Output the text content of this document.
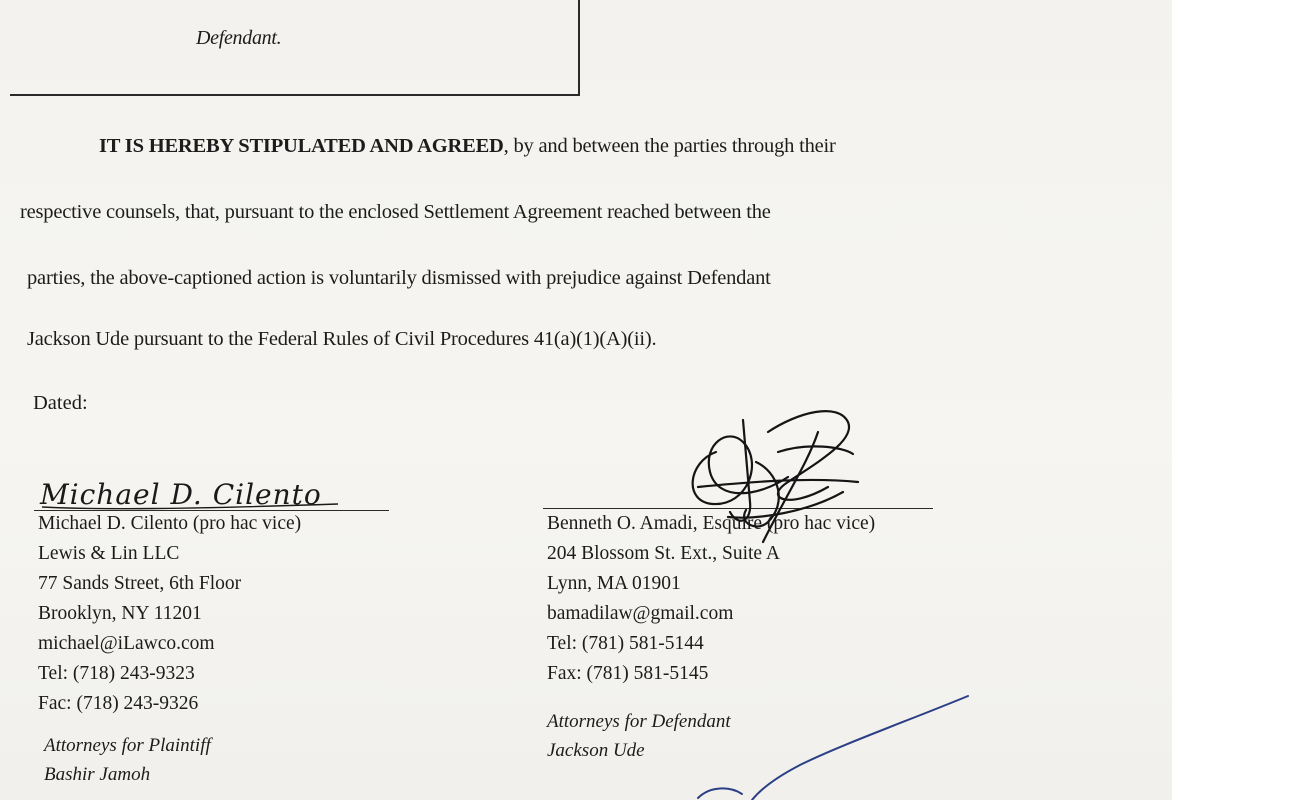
Defendant.
IT IS HEREBY STIPULATED AND AGREED, by and between the parties through their
respective counsels, that, pursuant to the enclosed Settlement Agreement reached between the
parties, the above-captioned action is voluntarily dismissed with prejudice against Defendant
Jackson Ude pursuant to the Federal Rules of Civil Procedures 41(a)(1)(A)(ii).
Dated:
Michael D. Cilento
Michael D. Cilento (pro hac vice)
Lewis & Lin LLC
77 Sands Street, 6th Floor
Brooklyn, NY 11201
michael@iLawco.com
Tel: (718) 243-9323
Fac: (718) 243-9326
Attorneys for Plaintiff
Bashir Jamoh
Benneth O. Amadi, Esquire (pro hac vice)
204 Blossom St. Ext., Suite A
Lynn, MA 01901
bamadilaw@gmail.com
Tel: (781) 581-5144
Fax: (781) 581-5145
Attorneys for Defendant
Jackson Ude
